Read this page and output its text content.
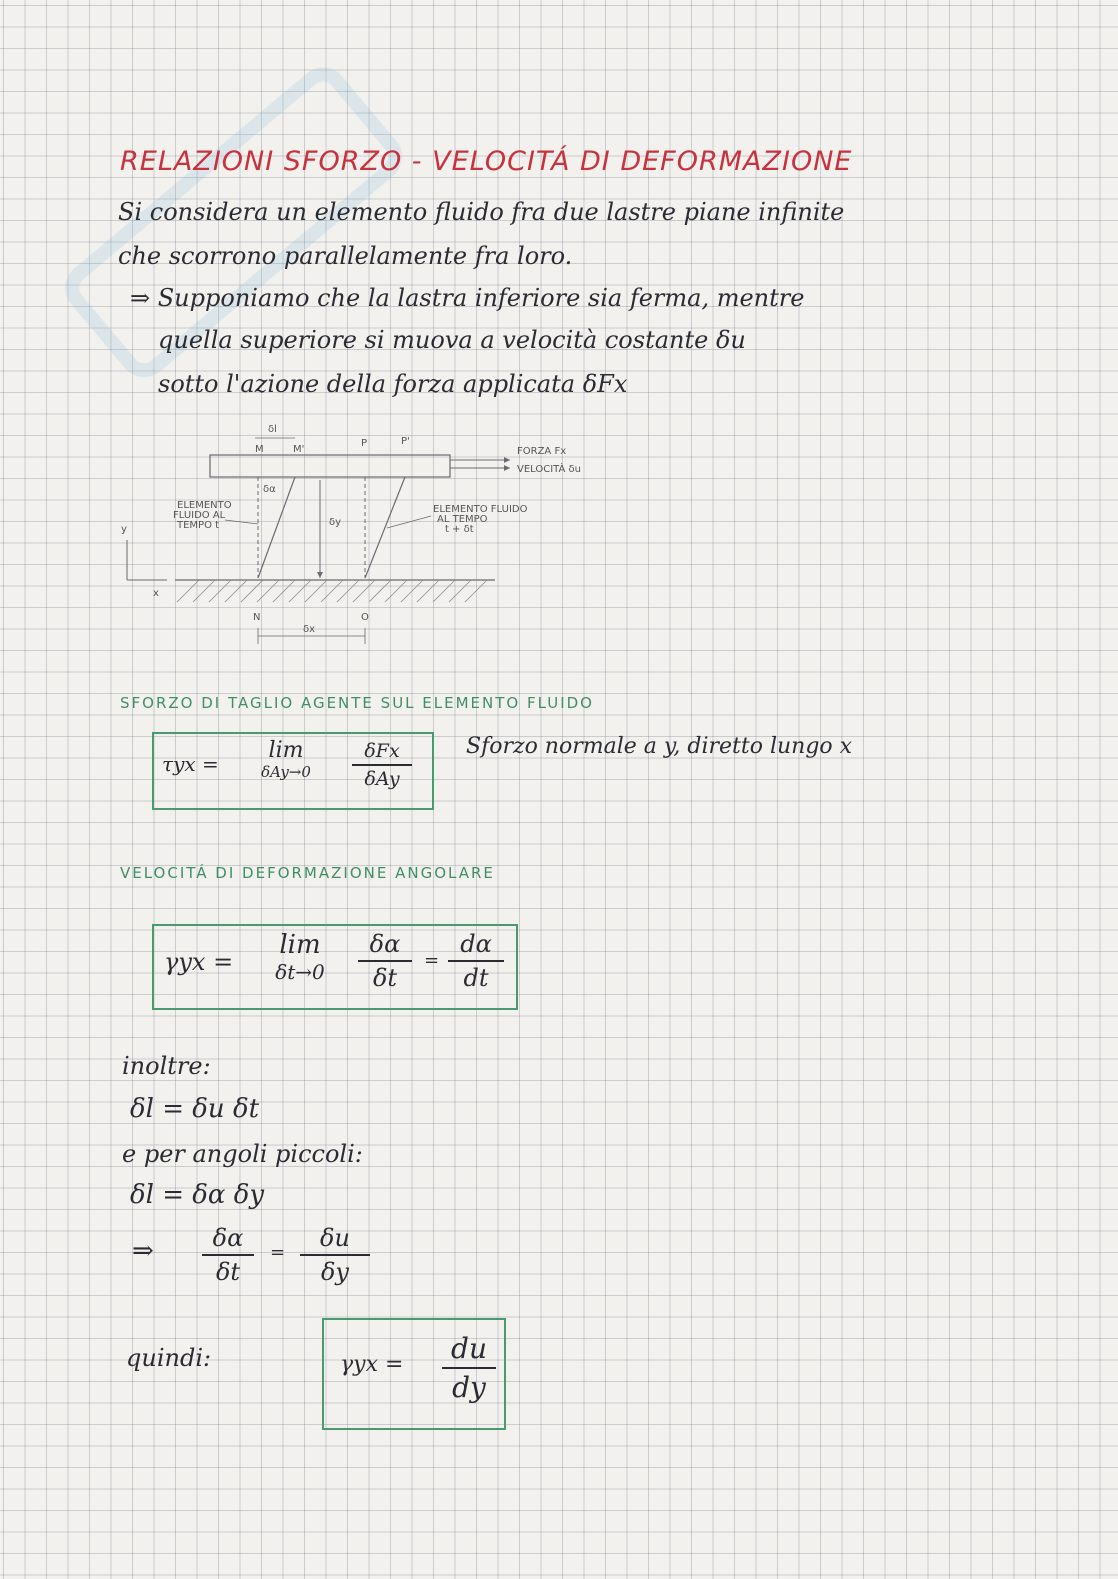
RELAZIONI SFORZO - VELOCITÁ DI DEFORMAZIONE
Si considera un elemento fluido fra due lastre piane infinite
che scorrono parallelamente fra loro.
⇒ Supponiamo che la lastra inferiore sia ferma, mentre
quella superiore si muova a velocità costante δu
sotto l'azione della forza applicata δFx
FORZA Fx
VELOCITÀ δu
δl
M	M'
P	P'
δα
δy
ELEMENTO
FLUIDO AL
TEMPO t
ELEMENTO FLUIDO
AL TEMPO
t + δt
y
x
N	O
δx
SFORZO DI TAGLIO AGENTE SUL ELEMENTO FLUIDO
τyx =
lim
δAy→0
δFx
δAy
Sforzo normale a y, diretto lungo x
VELOCITÁ DI DEFORMAZIONE ANGOLARE
γyx =
lim
δt→0
δα
δt
=
dα
dt
inoltre:
δl = δu δt
e per angoli piccoli:
δl = δα δy
⇒	δα
δt
=
δu
δy
quindi:	γyx =	du
dy
